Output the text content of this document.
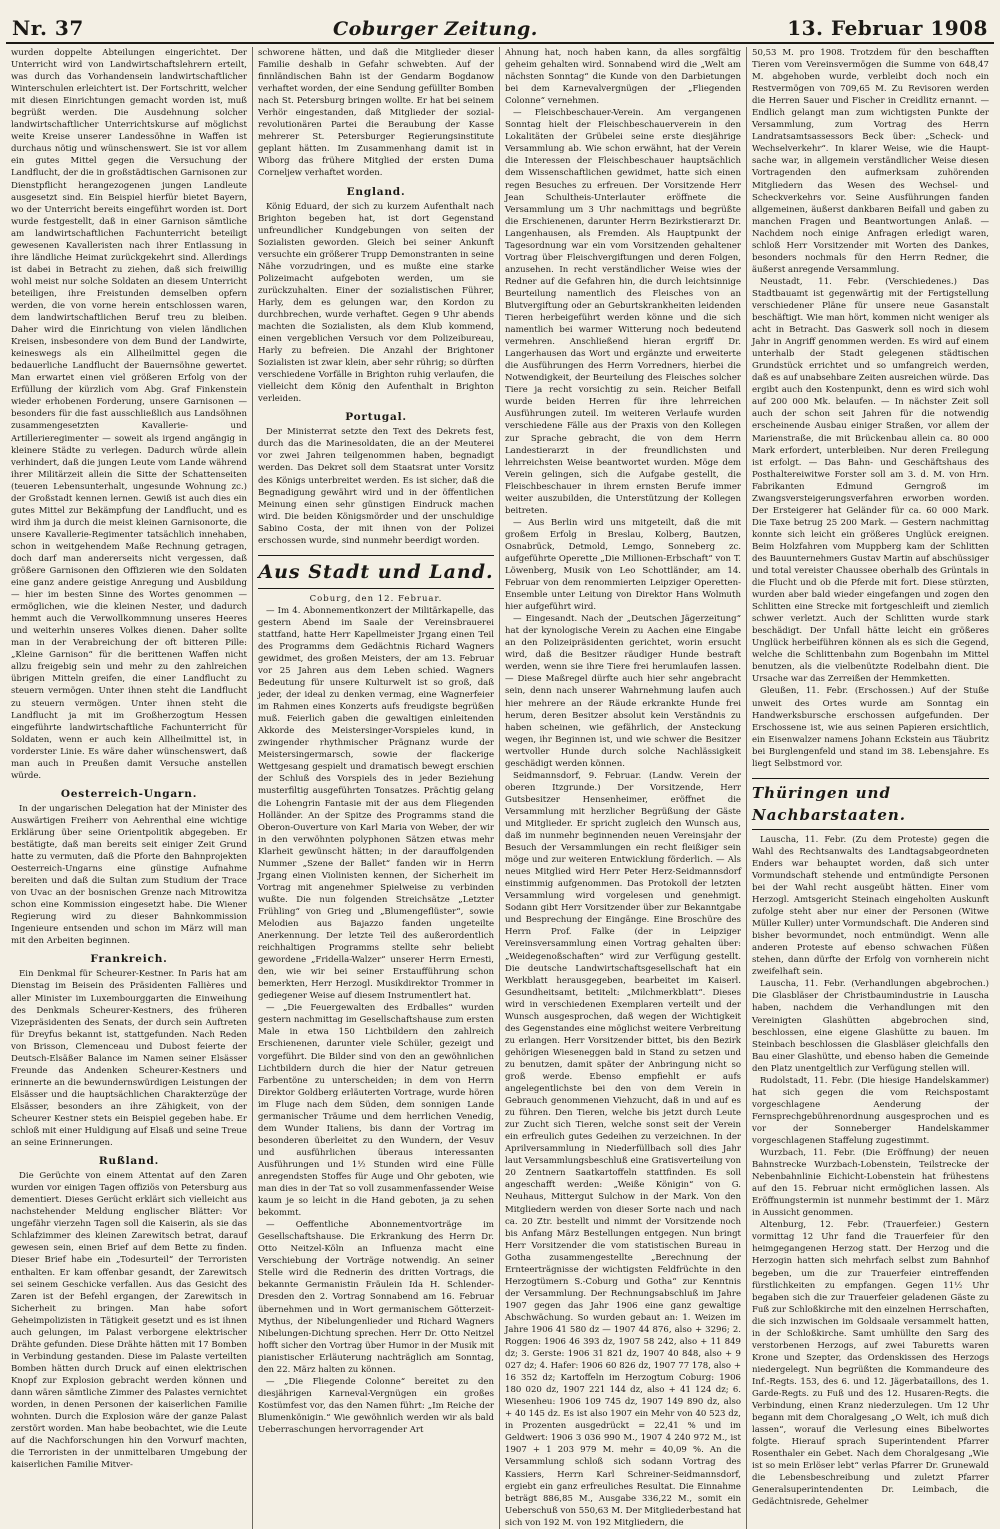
Nr. 37	Coburger Zeitung.	13. Februar 1908

wurden doppelte Abteilungen eingerichtet. Der Unterricht wird von Landwirtschaftslehrern erteilt, was durch das Vorhandensein landwirtschaftlicher Winterschulen erleichtert ist. Der Fortschritt, welcher mit diesen Einrichtungen gemacht worden ist, muß begrüßt werden. Die Ausdehnung solcher landwirtschaftlicher Unterrichtskurse auf möglichst weite Kreise unserer Landessöhne in Waffen ist durchaus nötig und wünschenswert. Sie ist vor allem ein gutes Mittel gegen die Versuchung der Landflucht, der die in großstädtischen Garnisonen zur Dienstpflicht herangezogenen jungen Landleute ausgesetzt sind. Ein Beispiel hierfür bietet Bayern, wo der Unterricht bereits eingeführt worden ist. Dort wurde festgestellt, daß in einer Garnison sämtliche am landwirtschaftlichen Fachunterricht beteiligt gewesenen Kavalleristen nach ihrer Entlassung in ihre ländliche Heimat zurückgekehrt sind. Allerdings ist dabei in Betracht zu ziehen, daß sich freiwillig wohl meist nur solche Soldaten an diesem Unterricht beteiligen, ihre Freistunden demselben opfern werden, die von vorne herein entschlossen waren, dem landwirtschaftlichen Beruf treu zu bleiben. Daher wird die Einrichtung von vielen ländlichen Kreisen, insbesondere von dem Bund der Landwirte, keineswegs als ein Allheilmittel gegen die bedauerliche Landflucht der Bauernsöhne gewertet. Man erwartet einen viel größeren Erfolg von der Erfüllung der kürzlich vom Abg. Graf Finkenstein wieder erhobenen Forderung, unsere Garnisonen — besonders für die fast ausschließlich aus Landsöhnen zusammengesetzten Kavallerie- und Artillerieregimenter — soweit als irgend angängig in kleinere Städte zu verlegen. Dadurch würde allein verhindert, daß die jungen Leute vom Lande während ihrer Militärzeit allein die Sitte der Schattenseiten (teueren Lebensunterhalt, ungesunde Wohnung zc.) der Großstadt kennen lernen. Gewiß ist auch dies ein gutes Mittel zur Bekämpfung der Landflucht, und es wird ihm ja durch die meist kleinen Garnisonorte, die unsere Kavallerie-Regimenter tatsächlich innehaben, schon in weitgehendem Maße Rechnung getragen, doch darf man andererseits nicht vergessen, daß größere Garnisonen den Offizieren wie den Soldaten eine ganz andere geistige Anregung und Ausbildung — hier im besten Sinne des Wortes genommen — ermöglichen, wie die kleinen Nester, und dadurch hemmt auch die Verwollkommnung unseres Heeres und weiterhin unseres Volkes dienen. Daher sollte man in der Verabreichung der oft bitteren Pille: „Kleine Garnison“ für die berittenen Waffen nicht allzu freigebig sein und mehr zu den zahlreichen übrigen Mitteln greifen, die einer Landflucht zu steuern vermögen. Unter ihnen steht die Landflucht zu steuern vermögen. Unter ihnen steht die Landflucht ja mit im Großherzogtum Hessen eingeführte landwirtschaftliche Fachunterricht für Soldaten, wenn er auch kein Allheilmittel ist, in vorderster Linie. Es wäre daher wünschenswert, daß man auch in Preußen damit Versuche anstellen würde.

Oesterreich-Ungarn.

In der ungarischen Delegation hat der Minister des Auswärtigen Freiherr von Aehrenthal eine wichtige Erklärung über seine Orientpolitik abgegeben. Er bestätigte, daß man bereits seit einiger Zeit Grund hatte zu vermuten, daß die Pforte den Bahnprojekten Oesterreich-Ungarns eine günstige Aufnahme bereiten und daß die Sultan zum Studium der Trace von Uvac an der bosnischen Grenze nach Mitrowitza schon eine Kommission eingesetzt habe. Die Wiener Regierung wird zu dieser Bahnkommission Ingenieure entsenden und schon im März will man mit den Arbeiten beginnen.

Frankreich.

Ein Denkmal für Scheurer-Kestner. In Paris hat am Dienstag im Beisein des Präsidenten Fallières und aller Minister im Luxembourggarten die Einweihung des Denkmals Scheurer-Kestners, des früheren Vizepräsidenten des Senats, der durch sein Auftreten für Dreyfus bekannt ist, stattgefunden. Nach Reden von Brisson, Clemenceau und Dubost feierte der Deutsch-Elsäßer Balance im Namen seiner Elsässer Freunde das Andenken Scheurer-Kestners und erinnerte an die bewundernswürdigen Leistungen der Elsässer und die hauptsächlichen Charakterzüge der Elsässer, besonders an ihre Zähigkeit, von der Scheurer Kestner stets ein Beispiel gegeben habe. Er schloß mit einer Huldigung auf Elsaß und seine Treue an seine Erinnerungen.

Rußland.

Die Gerüchte von einem Attentat auf den Zaren wurden vor einigen Tagen offiziös von Petersburg aus dementiert. Dieses Gerücht erklärt sich vielleicht aus nachstehender Meldung englischer Blätter: Vor ungefähr vierzehn Tagen soll die Kaiserin, als sie das Schlafzimmer des kleinen Zarewitsch betrat, darauf gewesen sein, einen Brief auf dem Bette zu finden. Dieser Brief habe ein „Todesurteil“ der Terroristen enthalten. Er kam offenbar gesandt, der Zarewitsch sei seinem Geschicke verfallen. Aus das Gesicht des Zaren ist der Befehl ergangen, der Zarewitsch in Sicherheit zu bringen. Man habe sofort Geheimpolizisten in Tätigkeit gesetzt und es ist ihnen auch gelungen, im Palast verborgene elektrischer Drähte gefunden. Diese Drähte hätten mit 17 Bomben in Verbindung gestanden. Diese im Palaste verteilten Bomben hätten durch Druck auf einen elektrischen Knopf zur Explosion gebracht werden können und dann wären sämtliche Zimmer des Palastes vernichtet worden, in denen Personen der kaiserlichen Familie wohnten. Durch die Explosion wäre der ganze Palast zerstört worden. Man habe beobachtet, wie die Leute auf die Nachforschungen hin den Vorwurf machten, die Terroristen in der unmittelbaren Umgebung der kaiserlichen Familie Mitver-

schworene hätten, und daß die Mitglieder dieser Familie deshalb in Gefahr schwebten. Auf der finnländischen Bahn ist der Gendarm Bogdanow verhaftet worden, der eine Sendung gefüllter Bomben nach St. Petersburg bringen wollte. Er hat bei seinem Verhör eingestanden, daß Mitglieder der sozial-revolutionären Partei die Beraubung der Kasse mehrerer St. Petersburger Regierungsinstitute geplant hätten. Im Zusammenhang damit ist in Wiborg das frühere Mitglied der ersten Duma Corneljew verhaftet worden.

England.

König Eduard, der sich zu kurzem Aufenthalt nach Brighton begeben hat, ist dort Gegenstand unfreundlicher Kundgebungen von seiten der Sozialisten geworden. Gleich bei seiner Ankunft versuchte ein größerer Trupp Demonstranten in seine Nähe vorzudringen, und es mußte eine starke Polizeimacht aufgeboten werden, um sie zurückzuhalten. Einer der sozialistischen Führer, Harly, dem es gelungen war, den Kordon zu durchbrechen, wurde verhaftet. Gegen 9 Uhr abends machten die Sozialisten, als dem Klub kommend, einen vergeblichen Versuch vor dem Polizeibureau, Harly zu befreien. Die Anzahl der Brightoner Sozialisten ist zwar klein, aber sehr rührig; so dürften verschiedene Vorfälle in Brighton ruhig verlaufen, die vielleicht dem König den Aufenthalt in Brighton verleiden.

Portugal.

Der Ministerrat setzte den Text des Dekrets fest, durch das die Marinesoldaten, die an der Meuterei vor zwei Jahren teilgenommen haben, begnadigt werden. Das Dekret soll dem Staatsrat unter Vorsitz des Königs unterbreitet werden. Es ist sicher, daß die Begnadigung gewährt wird und in der öffentlichen Meinung einen sehr günstigen Eindruck machen wird. Die beiden Königsmörder und der unschuldige Sabino Costa, der mit ihnen von der Polizei erschossen wurde, sind nunmehr beerdigt worden.

Aus Stadt und Land.
Coburg, den 12. Februar.

— Im 4. Abonnementkonzert der Militärkapelle, das gestern Abend im Saale der Vereinsbrauerei stattfand, hatte Herr Kapellmeister Jrgang einen Teil des Programms dem Gedächtnis Richard Wagners gewidmet, des großen Meisters, der am 13. Februar vor 25 Jahren aus dem Leben schied. Wagners Bedeutung für unsere Kulturwelt ist so groß, daß jeder, der ideal zu denken vermag, eine Wagnerfeier im Rahmen eines Konzerts aufs freudigste begrüßen muß. Feierlich gaben die gewaltigen einleitenden Akkorde des Meistersinger-Vorspieles kund, in zwingender rhythmischer Prägnanz wurde der Meistersingermarsch, sowie der flackerige Wettgesang gespielt und dramatisch bewegt erschien der Schluß des Vorspiels des in jeder Beziehung musterfiltig ausgeführten Tonsatzes. Prächtig gelang die Lohengrin Fantasie mit der aus dem Fliegenden Holländer. An der Spitze des Programms stand die Oberon-Ouverture von Karl Maria von Weber, der wir in den verwöhnten polyphonen Sätzen etwas mehr Klarheit gewünscht hätten; in der darauffolgenden Nummer „Szene der Ballet“ fanden wir in Herrn Jrgang einen Violinisten kennen, der Sicherheit im Vortrag mit angenehmer Spielweise zu verbinden wußte. Die nun folgenden Streichsätze „Letzter Frühling“ von Grieg und „Blumengeflüster“, sowie Melodien aus Bajazzo fanden ungeteilte Anerkennung. Der letzte Teil des außerordentlich reichhaltigen Programms stellte sehr beliebt gewordene „Fridella-Walzer“ unserer Herrn Ernesti, den, wie wir bei seiner Erstaufführung schon bemerkten, Herr Herzogl. Musikdirektor Trommer in gediegener Weise auf diesem Instrumentlert hat.

— „Die Feuergewalten des Erdballes“ wurden gestern nachmittag im Gesellschaftshause zum ersten Male in etwa 150 Lichtbildern den zahlreich Erschienenen, darunter viele Schüler, gezeigt und vorgeführt. Die Bilder sind von den an gewöhnlichen Lichtbildern durch die hier der Natur getreuen Farbentöne zu unterscheiden; in dem von Herrn Direktor Goldberg erläuterten Vortrage, wurde hören im Fluge nach dem Süden, dem sonnigen Lande germanischer Träume und dem herrlichen Venedig, dem Wunder Italiens, bis dann der Vortrag im besonderen überleitet zu den Wundern, der Vesuv und ausführlichen überaus interessanten Ausführungen und 1½ Stunden wird eine Fülle anregendsten Stoffes für Auge und Ohr geboten, wie man dies in der Tat so voll zusammenfassender Weise kaum je so leicht in die Hand geboten, ja zu sehen bekommt.

— Oeffentliche Abonnementvorträge im Gesellschaftshause. Die Erkrankung des Herrn Dr. Otto Neitzel-Köln an Influenza macht eine Verschiebung der Vorträge notwendig. An seiner Stelle wird die Rednerin des dritten Vortrags, die bekannte Germanistin Fräulein Ida H. Schlender-Dresden den 2. Vortrag Sonnabend am 16. Februar übernehmen und in Wort germanischem Götterzeit-Mythus, der Nibelungenlieder und Richard Wagners Nibelungen-Dichtung sprechen. Herr Dr. Otto Neitzel hofft sicher den Vortrag über Humor in der Musik mit pianistischer Erläuterung nachträglich am Sonntag, den 22. März halten zu können.

— „Die Fliegende Colonne“ bereitet zu den diesjährigen Karneval-Vergnügen ein großes Kostümfest vor, das den Namen führt: „Im Reiche der Blumenkönigin.“ Wie gewöhnlich werden wir als bald Ueberraschungen hervorragender Art

Ahnung hat, noch haben kann, da alles sorgfältig geheim gehalten wird. Sonnabend wird die „Welt am nächsten Sonntag“ die Kunde von den Darbietungen bei dem Karnevalvergnügen der „Fliegenden Colonne“ vernehmen.

— Fleischbeschauer-Verein. Am vergangenen Sonntag hielt der Fleischbeschauerverein in den Lokalitäten der Grübelei seine erste diesjährige Versammlung ab. Wie schon erwähnt, hat der Verein die Interessen der Fleischbeschauer hauptsächlich dem Wissenschaftlichen gewidmet, hatte sich einen regen Besuches zu erfreuen. Der Vorsitzende Herr Jean Schultheis-Unterlauter eröffnete die Versammlung um 3 Uhr nachmittags und begrüßte die Erschienenen, darunter Herrn Bezirkstierarzt Dr. Langenhausen, als Fremden. Als Hauptpunkt der Tagesordnung war ein vom Vorsitzenden gehaltener Vortrag über Fleischvergiftungen und deren Folgen, anzusehen. In recht verständlicher Weise wies der Redner auf die Gefahren hin, die durch leichtsinnige Beurteilung namentlich des Fleisches von an Blutvergiftung oder an Geburtskrankheiten leidenden Tieren herbeigeführt werden könne und die sich namentlich bei warmer Witterung noch bedeutend vermehren. Anschließend hieran ergriff Dr. Langerhausen das Wort und ergänzte und erweiterte die Ausführungen des Herrn Vorredners, hierbei die Notwendigkeit, der Beurteilung des Fleisches solcher Tiere ja recht vorsichtig zu sein. Reicher Beifall wurde beiden Herren für ihre lehrreichen Ausführungen zuteil. Im weiteren Verlaufe wurden verschiedene Fälle aus der Praxis von den Kollegen zur Sprache gebracht, die von dem Herrn Landestierarzt in der freundlichsten und lehrreichsten Weise beantwortet wurden. Möge dem Verein gelingen, sich die Aufgabe gestellt, die Fleischbeschauer in ihrem ernsten Berufe immer weiter auszubilden, die Unterstützung der Kollegen beitreten.

— Aus Berlin wird uns mitgeteilt, daß die mit großem Erfolg in Breslau, Kolberg, Bautzen, Osnabrück, Detmold, Lemgo, Sonneberg zc. aufgeführte Operette „Die Millionen-Erbschaft“ von T. Löwenberg, Musik von Leo Schottländer, am 14. Februar von dem renommierten Leipziger Operetten-Ensemble unter Leitung von Direktor Hans Wolmuth hier aufgeführt wird.

— Eingesandt. Nach der „Deutschen Jägerzeitung“ hat der kynologische Verein zu Aachen eine Eingabe an den Polizeipräsidenten gerichtet, worin ersucht wird, daß die Besitzer räudiger Hunde bestraft werden, wenn sie ihre Tiere frei herumlaufen lassen. — Diese Maßregel dürfte auch hier sehr angebracht sein, denn nach unserer Wahrnehmung laufen auch hier mehrere an der Räude erkrankte Hunde frei herum, deren Besitzer absolut kein Verständnis zu haben scheinen, wie gefährlich, der Ansteckung wegen, ihr Beginnen ist, und wie schwer die Besitzer wertvoller Hunde durch solche Nachlässigkeit geschädigt werden können.

Seidmannsdorf, 9. Februar. (Landw. Verein der oberen Itzgrunde.) Der Vorsitzende, Herr Gutsbesitzer Hensenheimer, eröffnet die Versammlung mit herzlicher Begrüßung der Gäste und Mitglieder. Er spricht zugleich den Wunsch aus, daß im nunmehr beginnenden neuen Vereinsjahr der Besuch der Versammlungen ein recht fleißiger sein möge und zur weiteren Entwicklung förderlich. — Als neues Mitglied wird Herr Peter Herz-Seidmannsdorf einstimmig aufgenommen. Das Protokoll der letzten Versammlung wird vorgelesen und genehmigt. Sodann gibt Herr Vorsitzender über zur Bekanntgabe und Besprechung der Eingänge. Eine Broschüre des Herrn Prof. Falke (der in Leipziger Vereinsversammlung einen Vortrag gehalten über: „Weidegenoßschaften“ wird zur Verfügung gestellt. Die deutsche Landwirtschaftsgesellschaft hat ein Werkblatt herausgegeben, bearbeitet im Kaiserl. Gesundheitsamt, betitelt: „Milchmerkblatt“. Dieses wird in verschiedenen Exemplaren verteilt und der Wunsch ausgesprochen, daß wegen der Wichtigkeit des Gegenstandes eine möglichst weitere Verbreitung zu erlangen. Herr Vorsitzender bittet, bis den Bezirk gehörigen Wieseneggen bald in Stand zu setzen und zu benutzen, damit später der Anbringung nicht so groß werde. Ebenso empfiehlt er aufs angelegentlichste bei den von dem Verein in Gebrauch genommenen Viehzucht, daß in und auf es zu führen. Den Tieren, welche bis jetzt durch Leute zur Zucht sich Tieren, welche sonst seit der Verein ein erfreulich gutes Gedeihen zu verzeichnen. In der Aprilversammlung in Niederfüllbach soll dies Jahr laut Versammlungsbeschluß eine Gratisverteilung von 20 Zentnern Saatkartoffeln stattfinden. Es soll angeschafft werden: „Weiße Königin“ von G. Neuhaus, Mittergut Sulchow in der Mark. Von den Mitgliedern werden von dieser Sorte nach und nach ca. 20 Ztr. bestellt und nimmt der Vorsitzende noch bis Anfang März Bestellungen entgegen. Nun bringt Herr Vorsitzender die vom statistischen Bureau in Gotha zusammengestellte „Berechnung der Ernteerträgnisse der wichtigsten Feldfrüchte in den Herzogtümern S.-Coburg und Gotha“ zur Kenntnis der Versammlung. Der Rechnungsabschluß im Jahre 1907 gegen das Jahr 1906 eine ganz gewaltige Abschwächung. So wurden gebaut an: 1. Weizen im Jahre 1906 41 580 dz — 1907 44 876, also + 3296; 2. Roggen: 1906 46 393 dz, 1907 58 242, also + 11 849 dz; 3. Gerste: 1906 31 821 dz, 1907 40 848, also + 9 027 dz; 4. Hafer: 1906 60 826 dz, 1907 77 178, also + 16 352 dz; Kartoffeln im Herzogtum Coburg: 1906 180 020 dz, 1907 221 144 dz, also + 41 124 dz; 6. Wiesenheu: 1906 109 745 dz, 1907 149 890 dz, also + 40 145 dz. Es ist also 1907 ein Mehr von 40 523 dz, in Prozenten ausgedrückt = 22,41 % und im Geldwert: 1906 3 036 990 M., 1907 4 240 972 M., ist 1907 + 1 203 979 M. mehr = 40,09 %. An die Versammlung schloß sich sodann Vortrag des Kassiers, Herrn Karl Schreiner-Seidmannsdorf, ergiebt ein ganz erfreuliches Resultat. Die Einnahme beträgt 886,85 M., Ausgabe 336,22 M., somit ein Ueberschuß von 550,63 M. Der Mitgliederbestand hat sich von 192 M. von 192 Mitgliedern, die

50,53 M. pro 1908. Trotzdem für den beschafften Tieren vom Vereinsvermögen die Summe von 648,47 M. abgehoben wurde, verbleibt doch noch ein Restvermögen von 709,65 M. Zu Revisoren werden die Herren Sauer und Fischer in Creidlitz ernannt. — Endlich gelangt man zum wichtigsten Punkte der Versammlung, zum Vortrag des Herrn Landratsamtsassessors Beck über: „Scheck- und Wechselverkehr“. In klarer Weise, wie die Haupt- sache war, in allgemein verständlicher Weise diesen Vortragenden den aufmerksam zuhörenden Mitgliedern das Wesen des Wechsel- und Scheckverkehrs vor. Seine Ausführungen fanden allgemeinen, äußerst dankbaren Beifall und gaben zu manchen Fragen und Beantwortungen Anlaß. — Nachdem noch einige Anfragen erledigt waren, schloß Herr Vorsitzender mit Worten des Dankes, besonders nochmals für den Herrn Redner, die äußerst anregende Versammlung.

Neustadt, 11. Febr. (Verschiedenes.) Das Stadtbauamt ist gegenwärtig mit der Fertigstellung verschiedener Pläne für unsere neue Gasanstalt beschäftigt. Wie man hört, kommen nicht weniger als acht in Betracht. Das Gaswerk soll noch in diesem Jahr in Angriff genommen werden. Es wird auf einem unterhalb der Stadt gelegenen städtischen Grundstück errichtet und so umfangreich werden, daß es auf unabsehbare Zeiten ausreichen würde. Das ergibt auch den Kostenpunkt, denn es wird sich wohl auf 200 000 Mk. belaufen. — In nächster Zeit soll auch der schon seit Jahren für die notwendig erscheinende Ausbau einiger Straßen, vor allem der Marienstraße, die mit Brückenbau allein ca. 80 000 Mark erfordert, unterbleiben. Nur deren Freilegung ist erfolgt. — Das Bahn- und Geschäftshaus des Posthaltereiwitwe Forster soll am 3. d. M. von Hrn. Fabrikanten Edmund Gerngroß im Zwangsversteigerungsverfahren erworben worden. Der Ersteigerer hat Geländer für ca. 60 000 Mark. Die Taxe betrug 25 200 Mark. — Gestern nachmittag konnte sich leicht ein größeres Unglück ereignen. Beim Holzfahren vom Muppberg kam der Schlitten des Bauunternehmers Gustav Martin auf abschüssiger und total vereister Chaussee oberhalb des Grüntals in die Flucht und ob die Pferde mit fort. Diese stürzten, wurden aber bald wieder eingefangen und zogen den Schlitten eine Strecke mit fortgeschleift und ziemlich schwer verletzt. Auch der Schlitten wurde stark beschädigt. Der Unfall hätte leicht ein größeres Unglück herbeiführen können als es sich die Gegend, welche die Schlittenbahn zum Bogenbahn im Mittel benutzen, als die vielbenützte Rodelbahn dient. Die Ursache war das Zerreißen der Hemmketten.

Gleußen, 11. Febr. (Erschossen.) Auf der Stuße unweit des Ortes wurde am Sonntag ein Handwerksbursche erschossen aufgefunden. Der Erschossene ist, wie aus seinen Papieren ersichtlich, ein Eisenwalzer namens Johann Eckstein aus Täubritz bei Burglengenfeld und stand im 38. Lebensjahre. Es liegt Selbstmord vor.

Thüringen und Nachbarstaaten.

Lauscha, 11. Febr. (Zu dem Proteste) gegen die Wahl des Rechtsanwalts des Landtagsabgeordneten Enders war behauptet worden, daß sich unter Vormundschaft stehende und entmündigte Personen bei der Wahl recht ausgeübt hätten. Einer vom Herzogl. Amtsgericht Steinach eingeholten Auskunft zufolge steht aber nur einer der Personen (Witwe Müller Kuller) unter Vormundschaft. Die Anderen sind bisher bevormundet, noch entmündigt. Wenn alle anderen Proteste auf ebenso schwachen Füßen stehen, dann dürfte der Erfolg von vornherein nicht zweifelhaft sein.

Lauscha, 11. Febr. (Verhandlungen abgebrochen.) Die Glasbläser der Christbaumindustrie in Lauscha haben, nachdem die Verhandlungen mit den Vereinigten Glashütten abgebrochen sind, beschlossen, eine eigene Glashütte zu bauen. Im Steinbach beschlossen die Glasbläser gleichfalls den Bau einer Glashütte, und ebenso haben die Gemeinde den Platz unentgeltlich zur Verfügung stellen will.

Rudolstadt, 11. Febr. (Die hiesige Handelskammer) hat sich gegen die vom Reichspostamt vorgeschlagene Aenderung der Fernsprechgebührenordnung ausgesprochen und es vor der Sonneberger Handelskammer vorgeschlagenen Staffelung zugestimmt.

Wurzbach, 11. Febr. (Die Eröffnung) der neuen Bahnstrecke Wurzbach-Lobenstein, Teilstrecke der Nebenbahnlinie Eichicht-Lobenstein hat frühestens auf den 15. Februar nicht ermöglichen lassen. Als Eröffnungstermin ist nunmehr bestimmt der 1. März in Aussicht genommen.

Altenburg, 12. Febr. (Trauerfeier.) Gestern vormittag 12 Uhr fand die Trauerfeier für den heimgegangenen Herzog statt. Der Herzog und die Herzogin hatten sich mehrfach selbst zum Bahnhof begeben, um die zur Trauerfeier eintreffenden fürstlichkeiten zu empfangen. Gegen 11½ Uhr begaben sich die zur Trauerfeier geladenen Gäste zu Fuß zur Schloßkirche mit den einzelnen Herrschaften, die sich inzwischen im Goldsaale versammelt hatten, in der Schloßkirche. Samt umhüllte den Sarg des verstorbenen Herzogs, auf zwei Taburetts waren Krone und Szepter, das Ordenskissen des Herzogs niedergelegt. Nun begrüßten die Kommandeure des Inf.-Regts. 153, des 6. und 12. Jägerbataillons, des 1. Garde-Regts. zu Fuß und des 12. Husaren-Regts. die Verbindung, einen Kranz niederzulegen. Um 12 Uhr begann mit dem Choralgesang „O Welt, ich muß dich lassen“, worauf die Verlesung eines Bibelwortes folgte. Hierauf sprach Superintendent Pfarrer Rosenthaler ein Gebet. Nach dem Choralgesang „Wie ist so mein Erlöser lebt“ verlas Pfarrer Dr. Grunewald die Lebensbeschreibung und zuletzt Pfarrer Generalsuperintendenten Dr. Leimbach, die Gedächtnisrede, Gehelmer
